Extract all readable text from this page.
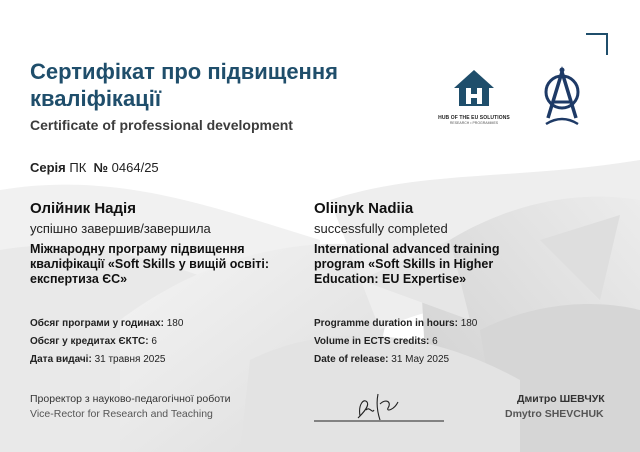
Сертифікат про підвищення кваліфікації
Certificate of professional development	HUB OF THE EU SOLUTIONS
RESEARCH • PROGRAMMES
Серія ПК № 0464/25
Олійник Надія
успішно завершив/завершила
Міжнародну програму підвищення кваліфікації «Soft Skills у вищій освіті: експертиза ЄС»
Обсяг програми у годинах: 180
Обсяг у кредитах ЄКТС: 6
Дата видачі: 31 травня 2025
Oliinyk Nadiia
successfully completed
International advanced training program «Soft Skills in Higher Education: EU Expertise»
Programme duration in hours: 180
Volume in ECTS credits: 6
Date of release: 31 May 2025
Проректор з науково-педагогічної роботи
Vice-Rector for Research and Teaching
Дмитро ШЕВЧУК
Dmytro SHEVCHUK
